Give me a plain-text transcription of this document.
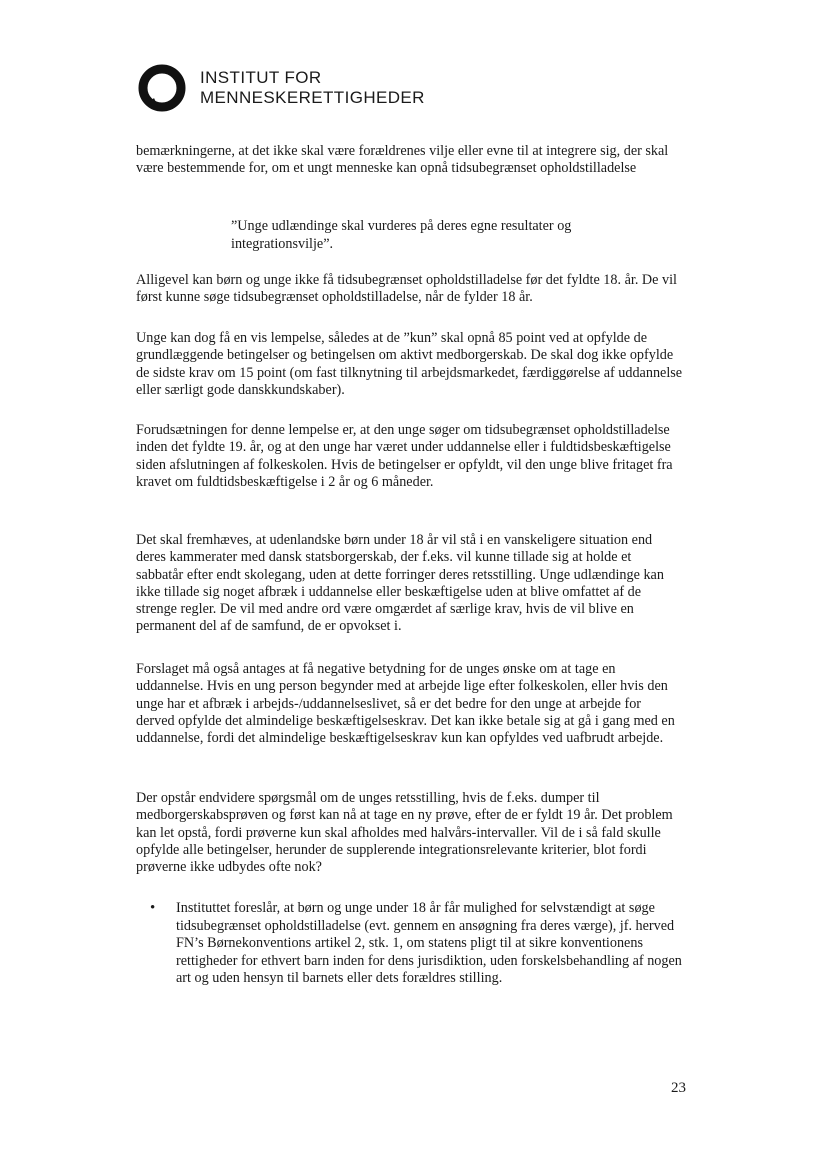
INSTITUT FOR
MENNESKERETTIGHEDER

bemærkningerne, at det ikke skal være forældrenes vilje eller evne til at integrere sig, der skal være bestemmende for, om et ungt menneske kan opnå tidsubegrænset opholdstilladelse

”Unge udlændinge skal vurderes på deres egne resultater og integrationsvilje”.

Alligevel kan børn og unge ikke få tidsubegrænset opholdstilladelse før det fyldte 18. år. De vil først kunne søge tidsubegrænset opholdstilladelse, når de fylder 18 år.

Unge kan dog få en vis lempelse, således at de ”kun” skal opnå 85 point ved at opfylde de grundlæggende betingelser og betingelsen om aktivt medborgerskab. De skal dog ikke opfylde de sidste krav om 15 point (om fast tilknytning til arbejdsmarkedet, færdiggørelse af uddannelse eller særligt gode danskkundskaber).

Forudsætningen for denne lempelse er, at den unge søger om tidsubegrænset opholdstilladelse inden det fyldte 19. år, og at den unge har været under uddannelse eller i fuldtidsbeskæftigelse siden afslutningen af folkeskolen. Hvis de betingelser er opfyldt, vil den unge blive fritaget fra kravet om fuldtidsbeskæftigelse i 2 år og 6 måneder.

Det skal fremhæves, at udenlandske børn under 18 år vil stå i en vanskeligere situation end deres kammerater med dansk statsborgerskab, der f.eks. vil kunne tillade sig at holde et sabbatår efter endt skolegang, uden at dette forringer deres retsstilling. Unge udlændinge kan ikke tillade sig noget afbræk i uddannelse eller beskæftigelse uden at blive omfattet af de strenge regler. De vil med andre ord være omgærdet af særlige krav, hvis de vil blive en permanent del af de samfund, de er opvokset i.

Forslaget må også antages at få negative betydning for de unges ønske om at tage en uddannelse. Hvis en ung person begynder med at arbejde lige efter folkeskolen, eller hvis den unge har et afbræk i arbejds-/uddannelseslivet, så er det bedre for den unge at arbejde for derved opfylde det almindelige beskæftigelseskrav. Det kan ikke betale sig at gå i gang med en uddannelse, fordi det almindelige beskæftigelseskrav kun kan opfyldes ved uafbrudt arbejde.

Der opstår endvidere spørgsmål om de unges retsstilling, hvis de f.eks. dumper til medborgerskabsprøven og først kan nå at tage en ny prøve, efter de er fyldt 19 år. Det problem kan let opstå, fordi prøverne kun skal afholdes med halvårs-intervaller. Vil de i så fald skulle opfylde alle betingelser, herunder de supplerende integrationsrelevante kriterier, blot fordi prøverne ikke udbydes ofte nok?

• Instituttet foreslår, at børn og unge under 18 år får mulighed for selvstændigt at søge tidsubegrænset opholdstilladelse (evt. gennem en ansøgning fra deres værge), jf. herved FN’s Børnekonventions artikel 2, stk. 1, om statens pligt til at sikre konventionens rettigheder for ethvert barn inden for dens jurisdiktion, uden forskelsbehandling af nogen art og uden hensyn til barnets eller dets forældres stilling.

23
